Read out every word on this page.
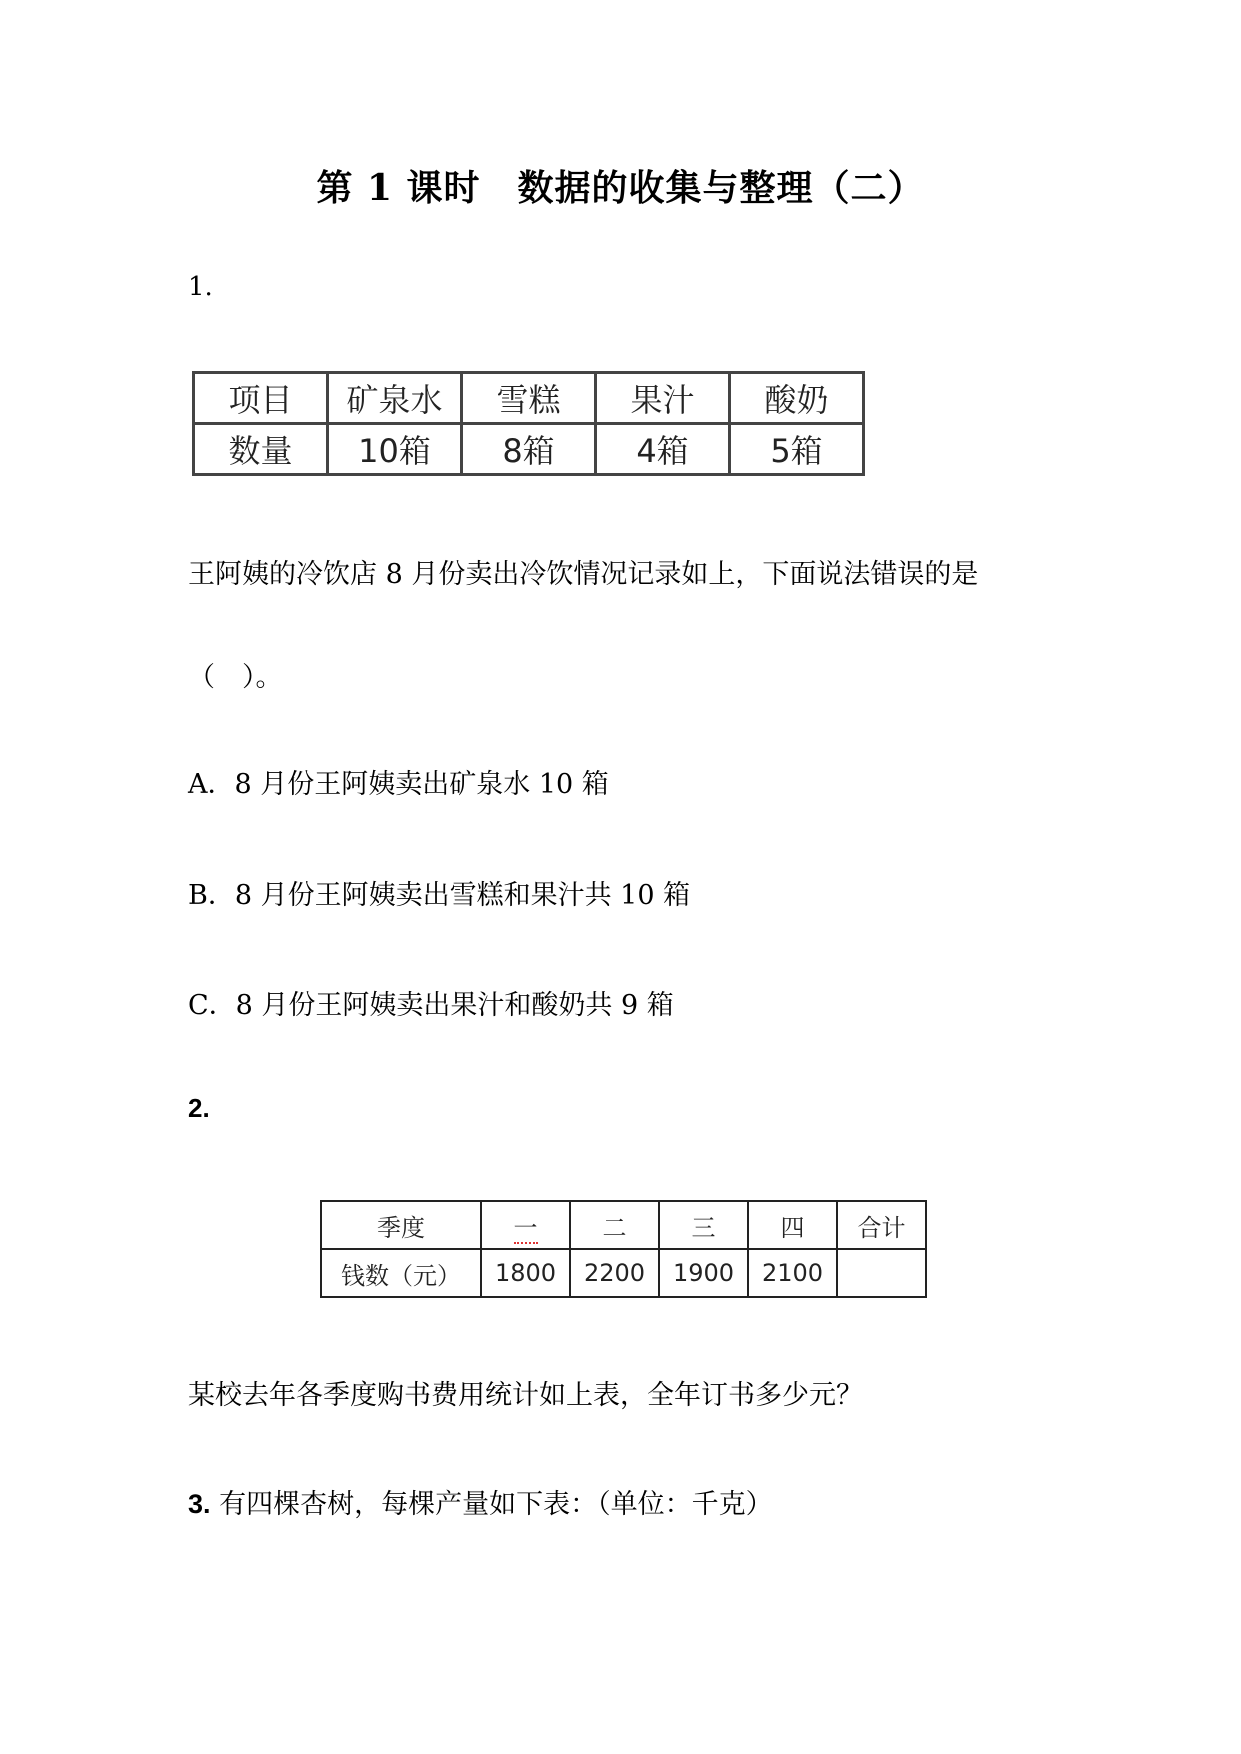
第 1 课时　数据的收集与整理（二）
1.
项目	矿泉水	雪糕	果汁	酸奶
数量	10箱	8箱	4箱	5箱
王阿姨的冷饮店 8 月份卖出冷饮情况记录如上，下面说法错误的是
（　）。
A．8 月份王阿姨卖出矿泉水 10 箱
B．8 月份王阿姨卖出雪糕和果汁共 10 箱
C．8 月份王阿姨卖出果汁和酸奶共 9 箱
2.
季度	一	二	三	四	合计
钱数（元）	1800	2200	1900	2100	
某校去年各季度购书费用统计如上表，全年订书多少元？
3. 有四棵杏树，每棵产量如下表：（单位：千克）
